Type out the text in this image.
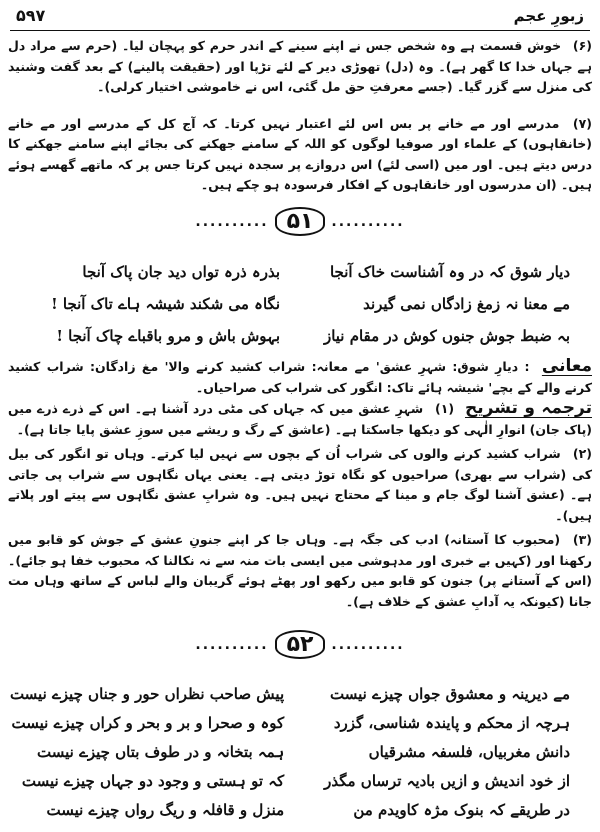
۵۹۷	زبورِ عجم
(۶) خوش قسمت ہے وہ شخص جس نے اپنے سینے کے اندر حرم کو پہچان لیا۔ (حرم سے مراد دل ہے جہاں خدا کا گھر ہے)۔ وہ (دل) تھوڑی دیر کے لئے تڑپا اور (حقیقت پالینے) کے بعد گفت وشنید کی منزل سے گزر گیا۔ (جسے معرفتِ حق مل گئی، اس نے خاموشی اختیار کرلی)۔
(۷) مدرسے اور مے خانے پر بس اس لئے اعتبار نہیں کرتا۔ کہ آج کل کے مدرسے اور مے خانے (خانقاہوں) کے علماء اور صوفیا لوگوں کو اللہ کے سامنے جھکنے کی بجائے اپنے سامنے جھکنے کا درس دیتے ہیں۔ اور میں (اسی لئے) اس دروازے پر سجدہ نہیں کرتا جس پر کہ ماتھے گھسے ہوئے ہیں۔ (ان مدرسوں اور خانقاہوں کے افکار فرسودہ ہو چکے ہیں۔
.......... ۵۱ ..........
دیار شوق کہ در وہ آشناست خاک آنجا
بذرہ ذرہ تواں دید جان پاک آنجا
مے معنا نہ زمغ زادگاں نمی گیرند
نگاہ می شکند شیشہ ہاے تاک آنجا !
بہ ضبط جوش جنوں کوش در مقام نیاز
بہوش باش و مرو باقباے چاک آنجا !
معانی : دیارِ شوق: شہرِ عشق' مے معانہ: شراب کشید کرنے والا' مغ زادگان: شراب کشید کرنے والے کے بچے' شیشہ ہائے تاک: انگور کی شراب کی صراحیاں۔
ترجمہ و تشریح (۱) شہرِ عشق میں کہ جہاں کی مٹی درد آشنا ہے۔ اس کے ذرے ذرے میں (پاک جان) انوارِ الٰہی کو دیکھا جاسکتا ہے۔ (عاشق کے رگ و ریشے میں سوزِ عشق پایا جاتا ہے)۔
(۲) شراب کشید کرنے والوں کی شراب اُن کے بچوں سے نہیں لیا کرتے۔ وہاں تو انگور کی بیل کی (شراب سے بھری) صراحیوں کو نگاہ توڑ دیتی ہے۔ یعنی یہاں نگاہوں سے شراب پی جاتی ہے۔ (عشق آشنا لوگ جام و مینا کے محتاج نہیں ہیں۔ وہ شرابِ عشق نگاہوں سے پیتے اور پلاتے ہیں)۔
(۳) (محبوب کا آستانہ) ادب کی جگہ ہے۔ وہاں جا کر اپنے جنونِ عشق کے جوش کو قابو میں رکھنا اور (کہیں بے خبری اور مدہوشی میں ایسی بات منہ سے نہ نکالنا کہ محبوب خفا ہو جائے)۔ (اس کے آستانے پر) جنون کو قابو میں رکھو اور پھٹے ہوئے گریبان والے لباس کے ساتھ وہاں مت جانا (کیونکہ یہ آدابِ عشق کے خلاف ہے)۔
.......... ۵۲ ..........
مے دیرینہ و معشوق جواں چیزے نیست
پیش صاحب نظراں حور و جناں چیزے نیست
ہرچہ از محکم و پایندہ شناسی، گزرد
کوہ و صحرا و بر و بحر و کراں چیزے نیست
دانش مغربیاں، فلسفہ مشرقیاں
ہمہ بتخانہ و در طوف بتاں چیزے نیست
از خود اندیش و ازیں بادیہ ترساں مگذر
کہ تو ہستی و وجود دو جہاں چیزے نیست
در طریقے کہ بنوک مژہ کاویدم من
منزل و قافلہ و ریگ رواں چیزے نیست
